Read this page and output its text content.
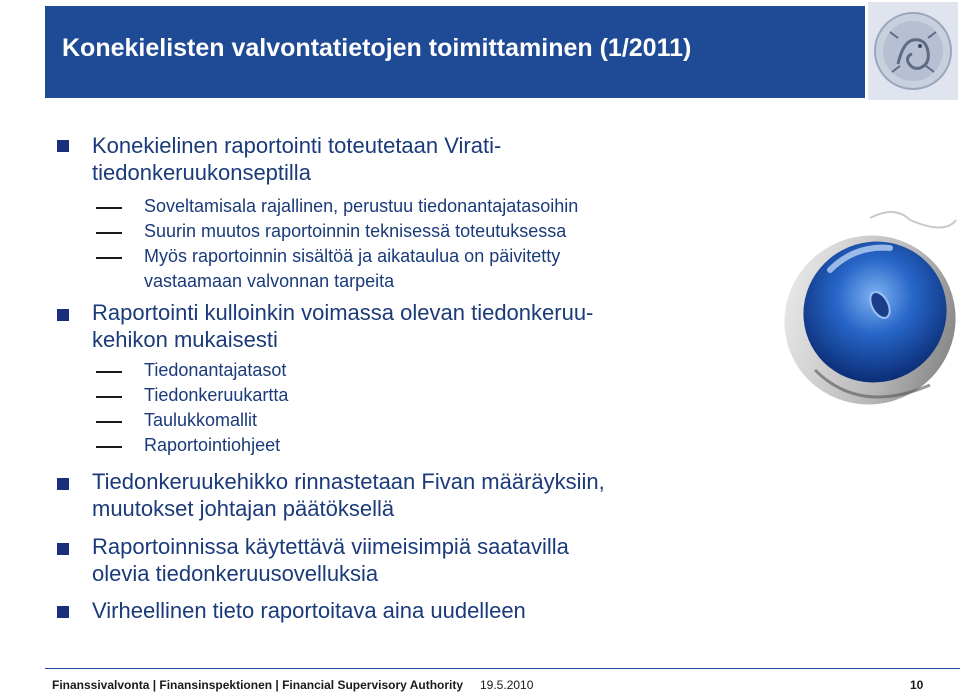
Konekielisten valvontatietojen toimittaminen (1/2011)
Konekielinen raportointi toteutetaan Virati-
tiedonkeruukonseptilla
Soveltamisala rajallinen, perustuu tiedonantajatasoihin
Suurin muutos raportoinnin teknisessä toteutuksessa
Myös raportoinnin sisältöä ja aikataulua on päivitetty
vastaamaan valvonnan tarpeita
Raportointi kulloinkin voimassa olevan tiedonkeruu-
kehikon mukaisesti
Tiedonantajatasot
Tiedonkeruukartta
Taulukkomallit
Raportointiohjeet
Tiedonkeruukehikko rinnastetaan Fivan määräyksiin,
muutokset johtajan päätöksellä
Raportoinnissa käytettävä viimeisimpiä saatavilla
olevia tiedonkeruusovelluksia
Virheellinen tieto raportoitava aina uudelleen
Finanssivalvonta | Finansinspektionen | Financial Supervisory Authority 19.5.2010	10
